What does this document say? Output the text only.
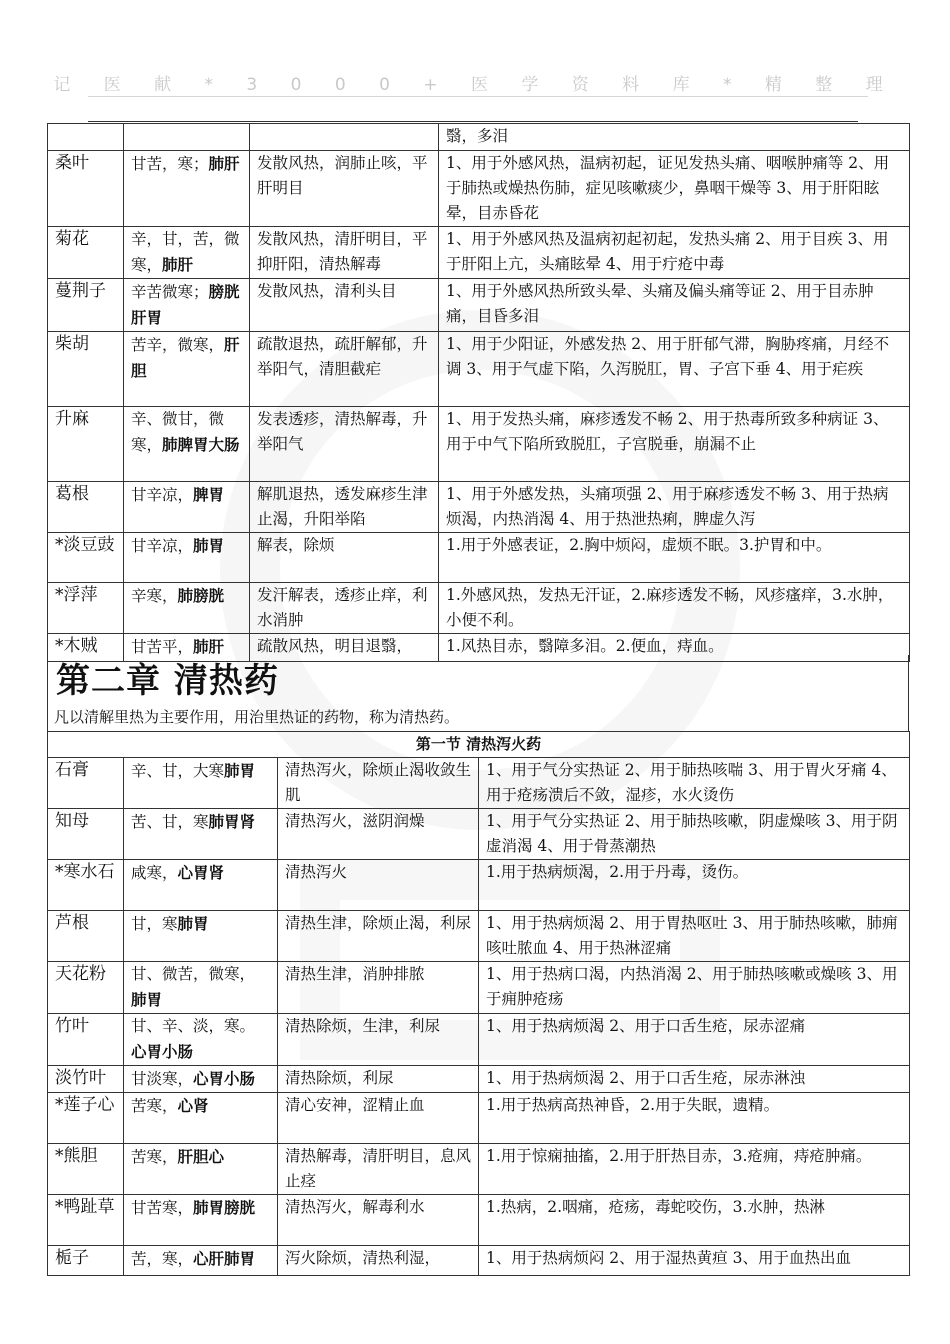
记 医 献 * 3 0 0 0 + 医 学 资 料 库 * 精 整 理
			翳，多泪
桑叶	甘苦，寒；肺肝	发散风热，润肺止咳，平肝明目	1、用于外感风热，温病初起，证见发热头痛、咽喉肿痛等 2、用于肺热或燥热伤肺，症见咳嗽痰少，鼻咽干燥等 3、用于肝阳眩晕，目赤昏花
菊花	辛，甘，苦，微寒，肺肝	发散风热，清肝明目，平抑肝阳，清热解毒	1、用于外感风热及温病初起初起，发热头痛 2、用于目疾 3、用于肝阳上亢，头痛眩晕 4、用于疔疮中毒
蔓荆子	辛苦微寒；膀胱肝胃	发散风热，清利头目	1、用于外感风热所致头晕、头痛及偏头痛等证 2、用于目赤肿痛，目昏多泪
柴胡	苦辛，微寒，肝胆	疏散退热，疏肝解郁，升举阳气，清胆截疟	1、用于少阳证，外感发热 2、用于肝郁气滞，胸胁疼痛，月经不调 3、用于气虚下陷，久泻脱肛，胃、子宫下垂 4、用于疟疾
升麻	辛、微甘，微寒，肺脾胃大肠	发表透疹，清热解毒，升举阳气	1、用于发热头痛，麻疹透发不畅 2、用于热毒所致多种病证 3、用于中气下陷所致脱肛，子宫脱垂，崩漏不止
葛根	甘辛凉，脾胃	解肌退热，透发麻疹生津止渴，升阳举陷	1、用于外感发热，头痛项强 2、用于麻疹透发不畅 3、用于热病烦渴，内热消渴 4、用于热泄热痢，脾虚久泻
*淡豆豉	甘辛凉，肺胃	解表，除烦	1.用于外感表证，2.胸中烦闷，虚烦不眠。3.护胃和中。
*浮萍	辛寒，肺膀胱	发汗解表，透疹止痒，利水消肿	1.外感风热，发热无汗证，2.麻疹透发不畅，风疹瘙痒，3.水肿，小便不利。
*木贼	甘苦平，肺肝	疏散风热，明目退翳，	1.风热目赤，翳障多泪。2.便血，痔血。
第二章 清热药
凡以清解里热为主要作用，用治里热证的药物，称为清热药。
第一节 清热泻火药			
石膏	辛、甘，大寒肺胃	清热泻火，除烦止渴收敛生肌	1、用于气分实热证 2、用于肺热咳喘 3、用于胃火牙痛 4、用于疮疡溃后不敛，湿疹，水火烫伤
知母	苦、甘，寒肺胃肾	清热泻火，滋阴润燥	1、用于气分实热证 2、用于肺热咳嗽，阴虚燥咳 3、用于阴虚消渴 4、用于骨蒸潮热
*寒水石	咸寒，心胃肾	清热泻火	1.用于热病烦渴，2.用于丹毒，烫伤。
芦根	甘，寒肺胃	清热生津，除烦止渴，利尿	1、用于热病烦渴 2、用于胃热呕吐 3、用于肺热咳嗽，肺痈咳吐脓血 4、用于热淋涩痛
天花粉	甘、微苦，微寒，肺胃	清热生津，消肿排脓	1、用于热病口渴，内热消渴 2、用于肺热咳嗽或燥咳 3、用于痈肿疮疡
竹叶	甘、辛、淡，寒。心胃小肠	清热除烦，生津，利尿	1、用于热病烦渴 2、用于口舌生疮，尿赤涩痛
淡竹叶	甘淡寒，心胃小肠	清热除烦，利尿	1、用于热病烦渴 2、用于口舌生疮，尿赤淋浊
*莲子心	苦寒，心肾	清心安神，涩精止血	1.用于热病高热神昏，2.用于失眠，遗精。
*熊胆	苦寒，肝胆心	清热解毒，清肝明目，息风止痉	1.用于惊痫抽搐，2.用于肝热目赤，3.疮痈，痔疮肿痛。
*鸭趾草	甘苦寒，肺胃膀胱	清热泻火，解毒利水	1.热病，2.咽痛，疮疡，毒蛇咬伤，3.水肿，热淋
栀子	苦，寒，心肝肺胃	泻火除烦，清热利湿，	1、用于热病烦闷 2、用于湿热黄疸 3、用于血热出血
